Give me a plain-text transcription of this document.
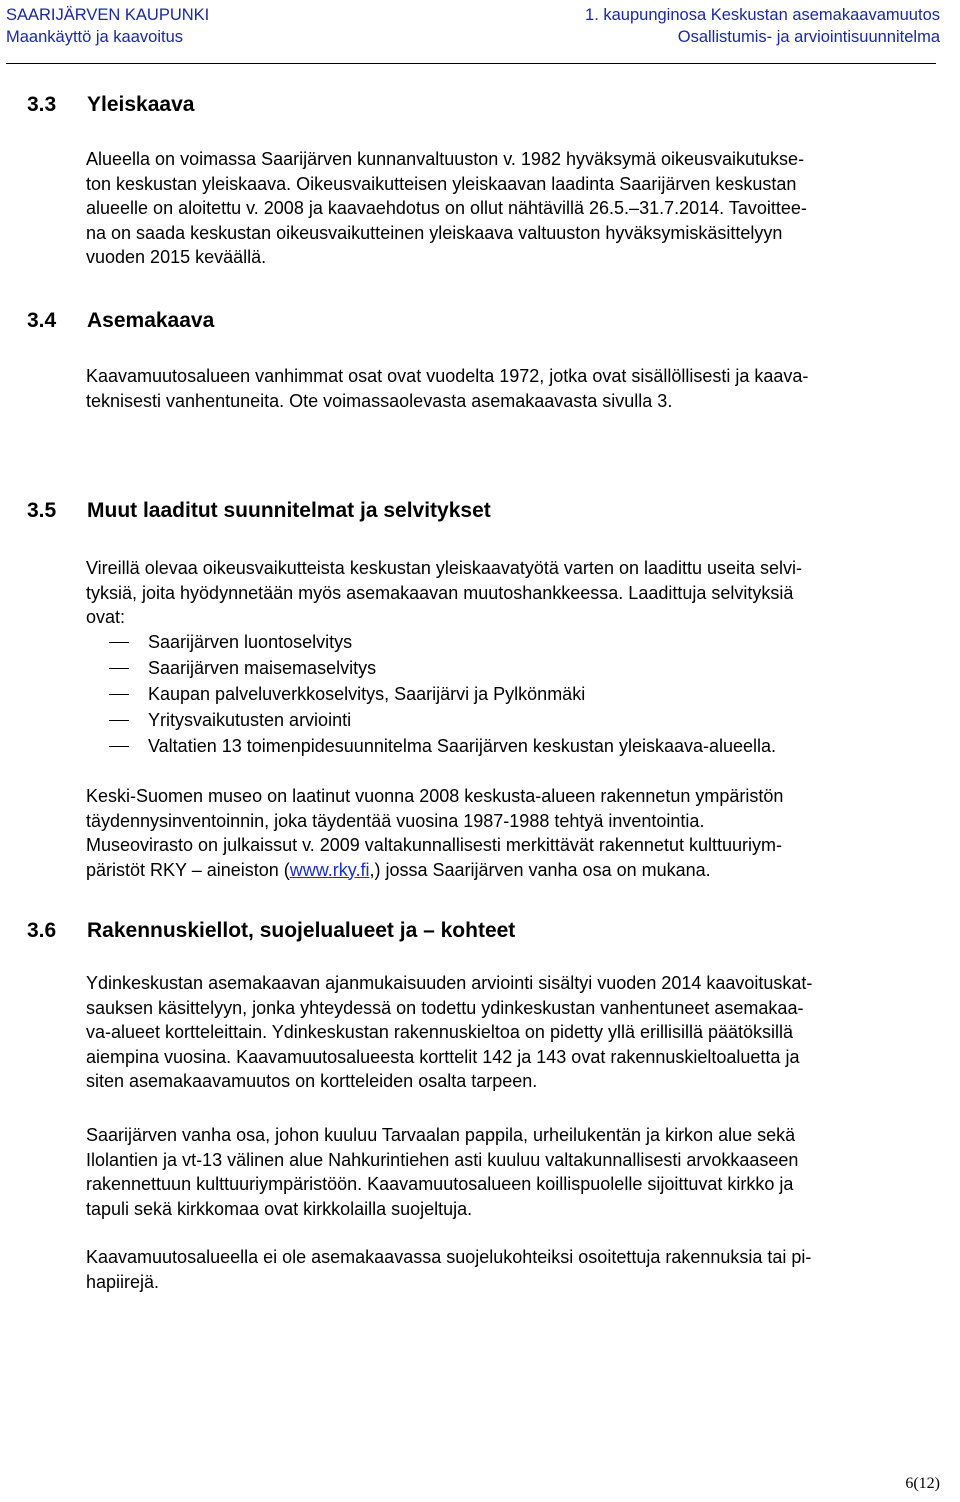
SAARIJÄRVEN KAUPUNKI
Maankäyttö ja kaavoitus
1. kaupunginosa Keskustan asemakaavamuutos
Osallistumis- ja arviointisuunnitelma
3.3 Yleiskaava
Alueella on voimassa Saarijärven kunnanvaltuuston v. 1982 hyväksymä oikeusvaikutukse-
ton keskustan yleiskaava. Oikeusvaikutteisen yleiskaavan laadinta Saarijärven keskustan
alueelle on aloitettu v. 2008 ja kaavaehdotus on ollut nähtävillä 26.5.–31.7.2014. Tavoittee-
na on saada keskustan oikeusvaikutteinen yleiskaava valtuuston hyväksymiskäsittelyyn
vuoden 2015 keväällä.
3.4 Asemakaava
Kaavamuutosalueen vanhimmat osat ovat vuodelta 1972, jotka ovat sisällöllisesti ja kaava-
teknisesti vanhentuneita. Ote voimassaolevasta asemakaavasta sivulla 3.
3.5 Muut laaditut suunnitelmat ja selvitykset
Vireillä olevaa oikeusvaikutteista keskustan yleiskaavatyötä varten on laadittu useita selvi-
tyksiä, joita hyödynnetään myös asemakaavan muutoshankkeessa. Laadittuja selvityksiä
ovat:
Saarijärven luontoselvitys
Saarijärven maisemaselvitys
Kaupan palveluverkkoselvitys, Saarijärvi ja Pylkönmäki
Yritysvaikutusten arviointi
Valtatien 13 toimenpidesuunnitelma Saarijärven keskustan yleiskaava-alueella.
Keski-Suomen museo on laatinut vuonna 2008 keskusta-alueen rakennetun ympäristön
täydennysinventoinnin, joka täydentää vuosina 1987-1988 tehtyä inventointia.
Museovirasto on julkaissut v. 2009 valtakunnallisesti merkittävät rakennetut kulttuuriym-
päristöt RKY – aineiston (www.rky.fi,) jossa Saarijärven vanha osa on mukana.
3.6 Rakennuskiellot, suojelualueet ja – kohteet
Ydinkeskustan asemakaavan ajanmukaisuuden arviointi sisältyi vuoden 2014 kaavoituskat-
sauksen käsittelyyn, jonka yhteydessä on todettu ydinkeskustan vanhentuneet asemakaa-
va-alueet kortteleittain. Ydinkeskustan rakennuskieltoa on pidetty yllä erillisillä päätöksillä
aiempina vuosina. Kaavamuutosalueesta korttelit 142 ja 143 ovat rakennuskieltoaluetta ja
siten asemakaavamuutos on kortteleiden osalta tarpeen.
Saarijärven vanha osa, johon kuuluu Tarvaalan pappila, urheilukentän ja kirkon alue sekä
Ilolantien ja vt-13 välinen alue Nahkurintiehen asti kuuluu valtakunnallisesti arvokkaaseen
rakennettuun kulttuuriympäristöön. Kaavamuutosalueen koillispuolelle sijoittuvat kirkko ja
tapuli sekä kirkkomaa ovat kirkkolailla suojeltuja.
Kaavamuutosalueella ei ole asemakaavassa suojelukohteiksi osoitettuja rakennuksia tai pi-
hapiirejä.
6(12)
